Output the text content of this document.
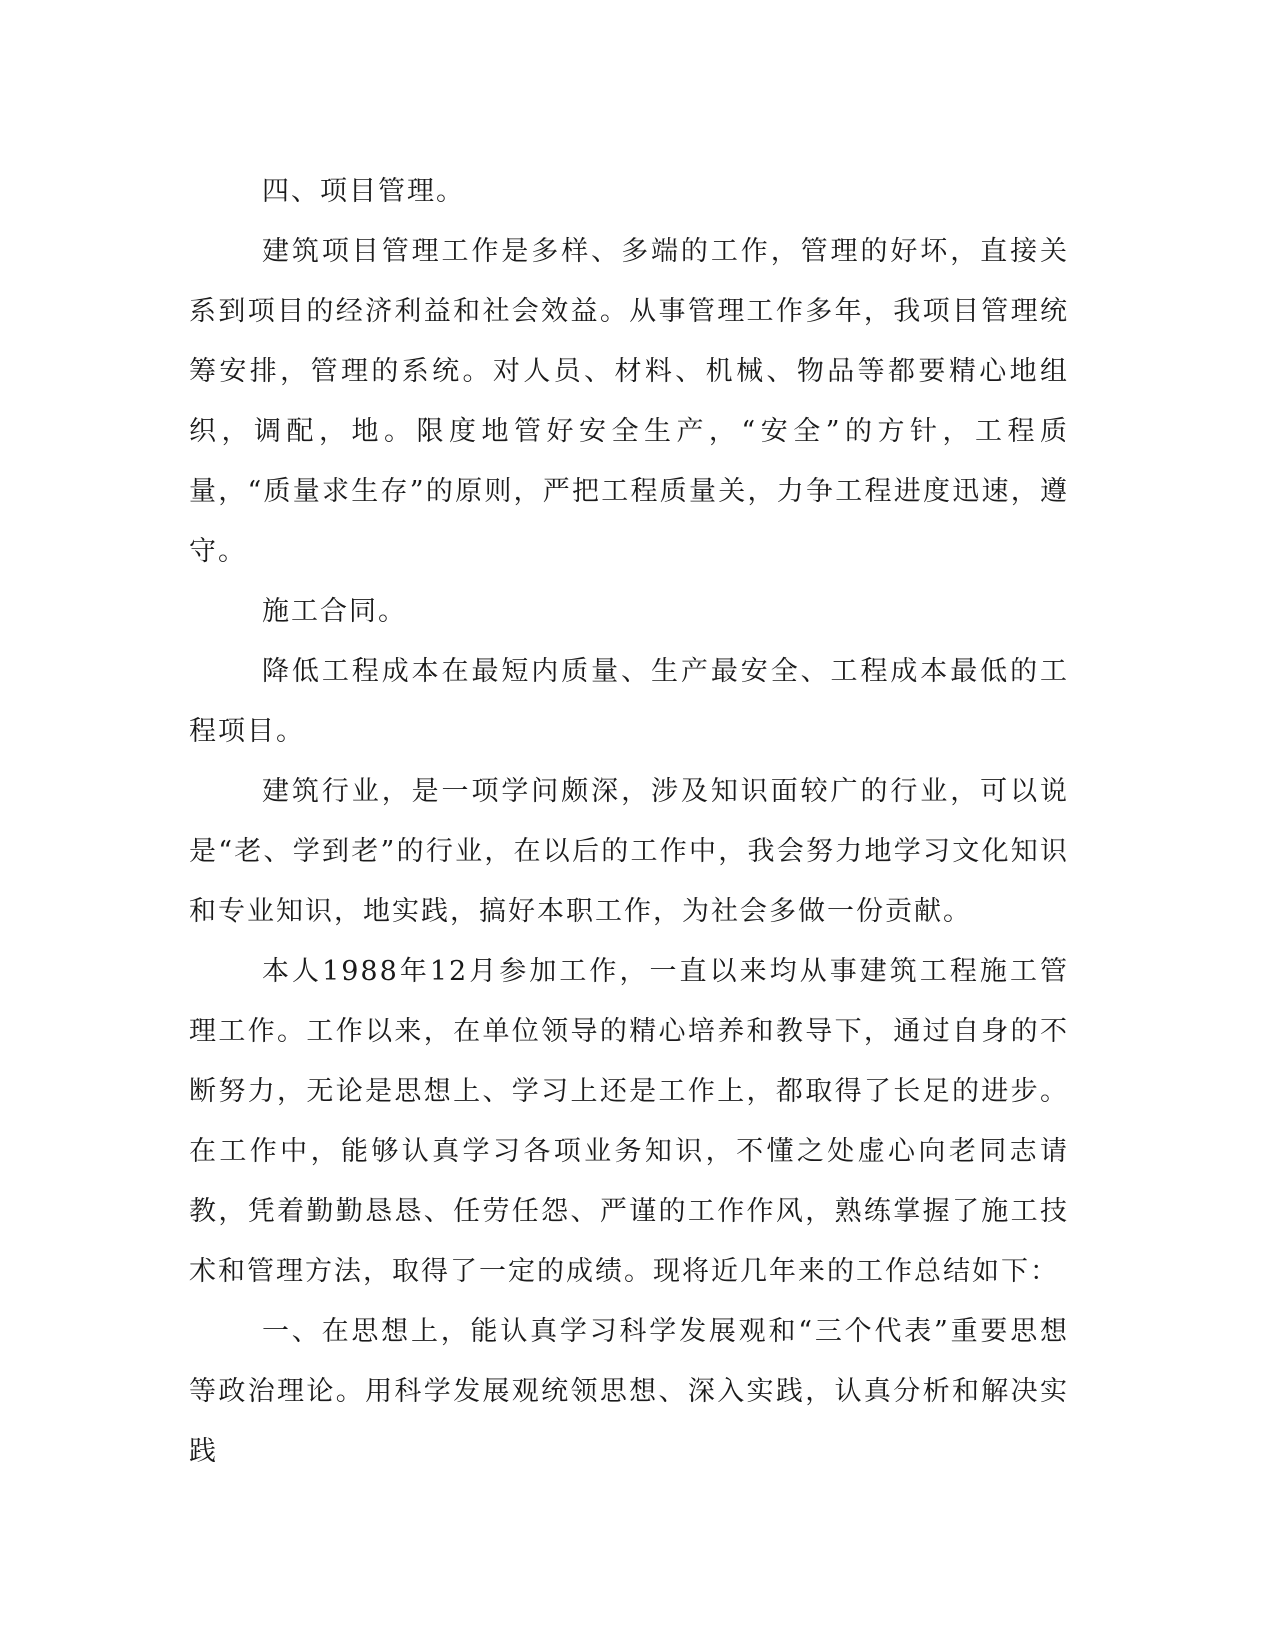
四、项目管理。

建筑项目管理工作是多样、多端的工作，管理的好坏，直接关系到项目的经济利益和社会效益。从事管理工作多年，我项目管理统筹安排，管理的系统。对人员、材料、机械、物品等都要精心地组织，调配，地。限度地管好安全生产，“安全”的方针，工程质量，“质量求生存”的原则，严把工程质量关，力争工程进度迅速，遵守。

施工合同。

降低工程成本在最短内质量、生产最安全、工程成本最低的工程项目。

建筑行业，是一项学问颇深，涉及知识面较广的行业，可以说是“老、学到老”的行业，在以后的工作中，我会努力地学习文化知识和专业知识，地实践，搞好本职工作，为社会多做一份贡献。

本人1988年12月参加工作，一直以来均从事建筑工程施工管理工作。工作以来，在单位领导的精心培养和教导下，通过自身的不断努力，无论是思想上、学习上还是工作上，都取得了长足的进步。在工作中，能够认真学习各项业务知识，不懂之处虚心向老同志请教，凭着勤勤恳恳、任劳任怨、严谨的工作作风，熟练掌握了施工技术和管理方法，取得了一定的成绩。现将近几年来的工作总结如下：

一、在思想上，能认真学习科学发展观和“三个代表”重要思想等政治理论。用科学发展观统领思想、深入实践，认真分析和解决实践
